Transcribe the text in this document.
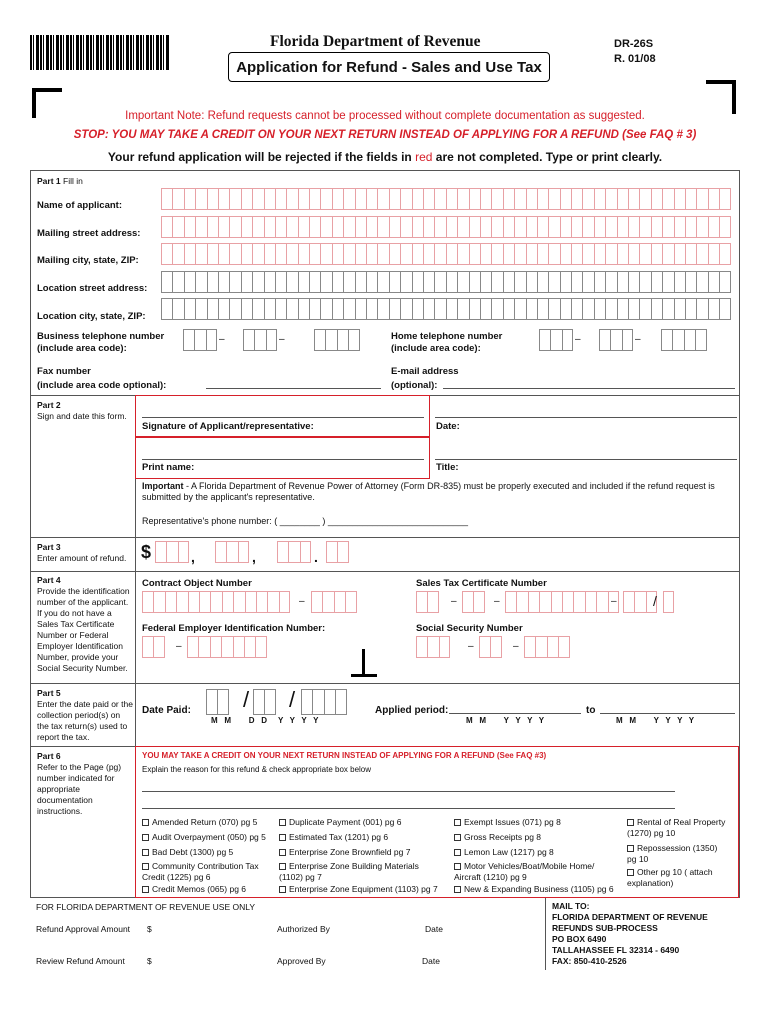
Florida Department of Revenue
Application for Refund - Sales and Use Tax
DR-26S
R. 01/08
Important Note: Refund requests cannot be processed without complete documentation as suggested.
STOP: YOU MAY TAKE A CREDIT ON YOUR NEXT RETURN INSTEAD OF APPLYING FOR A REFUND (See FAQ # 3)
Your refund application will be rejected if the fields in red are not completed. Type or print clearly.
Part 1 Fill in
Name of applicant:
Mailing street address:
Mailing city, state, ZIP:
Location street address:
Location city, state, ZIP:
Business telephone number
(include area code):
–	–	Home telephone number
(include area code):
–	–
Fax number
(include area code optional):
E-mail address
(optional):
Part 2
Sign and date this form.
Signature of Applicant/representative:	Date:
Print name:	Title:
Important - A Florida Department of Revenue Power of Attorney (Form DR-835) must be properly executed and included if the refund request is submitted by the applicant's representative.
Representative's phone number: ( ________ ) ____________________________
Part 3
Enter amount of refund. $	,	,	.
Part 4
Provide the identification number of the applicant. If you do not have a Sales Tax Certificate Number or Federal Employer Identification Number, provide your Social Security Number.
Contract Object Number
–
Sales Tax Certificate Number
–	–	–	/
Federal Employer Identification Number:
–
Social Security Number
–	–
Part 5
Enter the date paid or the collection period(s) on the tax return(s) used to report the tax.
Date Paid: / /
M   M        D   D     Y   Y   Y   Y
Applied period:
M   M        Y   Y   Y   Y
to
M   M        Y   Y   Y   Y
Part 6
Refer to the Page (pg) number indicated for appropriate documentation instructions.
YOU MAY TAKE A CREDIT ON YOUR NEXT RETURN INSTEAD OF APPLYING FOR A REFUND (See FAQ #3)
Explain the reason for this refund & check appropriate box below
Amended Return (070) pg 5
Audit Overpayment (050) pg 5
Bad Debt (1300) pg 5
Community Contribution Tax Credit (1225) pg 6
Credit Memos (065) pg 6
Duplicate Payment (001) pg 6
Estimated Tax (1201) pg 6
Enterprise Zone Brownfield pg 7
Enterprise Zone Building Materials (1102) pg 7
Enterprise Zone Equipment (1103) pg 7
Exempt Issues (071) pg 8
Gross Receipts pg 8
Lemon Law (1217) pg 8
Motor Vehicles/Boat/Mobile Home/ Aircraft (1210) pg 9
New & Expanding Business (1105) pg 6
Rental of Real Property (1270) pg 10
Repossession (1350) pg 10
Other pg 10 ( attach explanation)
FOR FLORIDA DEPARTMENT OF REVENUE USE ONLY
Refund Approval Amount $	Authorized By	Date
Review Refund Amount	$	Approved By	Date
MAIL TO:
FLORIDA DEPARTMENT OF REVENUE
REFUNDS SUB-PROCESS
PO BOX 6490
TALLAHASSEE FL 32314 - 6490
FAX: 850-410-2526
